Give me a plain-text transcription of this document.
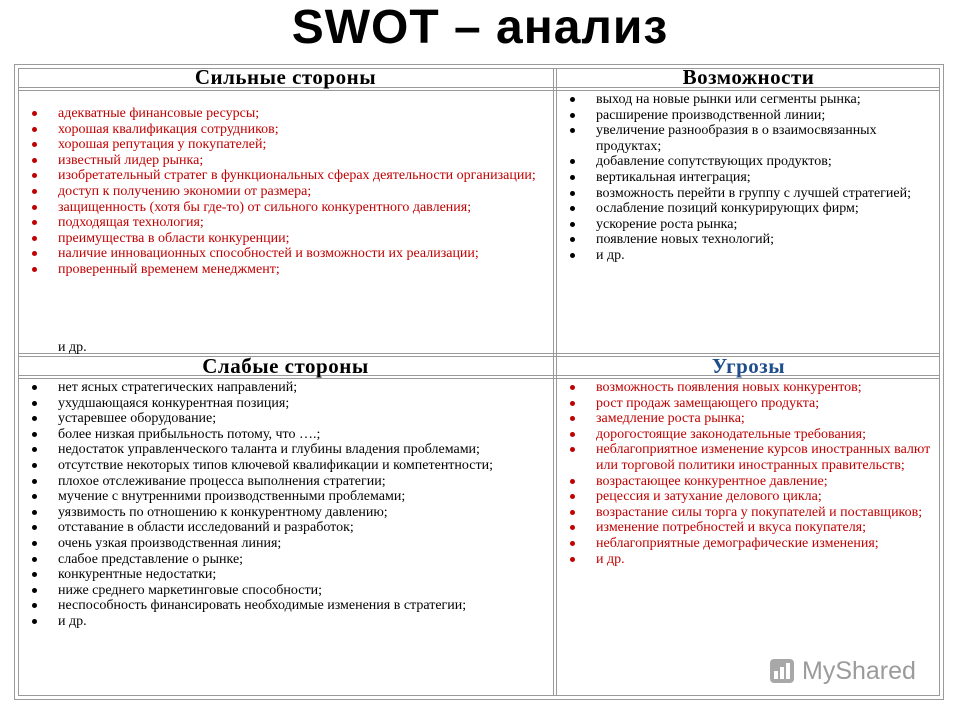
SWOT – анализ
Сильные стороны	Возможности
Слабые стороны	Угрозы
адекватные финансовые ресурсы;
хорошая квалификация сотрудников;
хорошая репутация у покупателей;
известный лидер рынка;
изобретательный стратег в функциональных сферах деятельности организации;
доступ к получению экономии от размера;
защищенность (хотя бы где-то) от сильного конкурентного давления;
подходящая технология;
преимущества в области конкуренции;
наличие инновационных способностей и возможности их реализации;
проверенный временем менеджмент;
и др.
выход на новые рынки или сегменты рынка;
расширение производственной линии;
увеличение разнообразия в о взаимосвязанных продуктах;
добавление сопутствующих продуктов;
вертикальная интеграция;
возможность перейти в группу с лучшей стратегией;
ослабление позиций конкурирующих фирм;
ускорение роста рынка;
появление новых технологий;
и др.
нет ясных стратегических направлений;
ухудшающаяся конкурентная позиция;
устаревшее оборудование;
более низкая прибыльность потому, что ….;
недостаток управленческого таланта и глубины владения проблемами;
отсутствие некоторых типов ключевой квалификации и компетентности;
плохое отслеживание процесса выполнения стратегии;
мучение с внутренними производственными проблемами;
уязвимость по отношению к конкурентному давлению;
отставание в области исследований и разработок;
очень узкая производственная линия;
слабое представление о рынке;
конкурентные недостатки;
ниже среднего маркетинговые способности;
неспособность финансировать необходимые изменения в стратегии;
и др.
возможность появления новых конкурентов;
рост продаж замещающего продукта;
замедление роста рынка;
дорогостоящие законодательные требования;
неблагоприятное изменение курсов иностранных валют или торговой политики иностранных правительств;
возрастающее конкурентное давление;
рецессия и затухание делового цикла;
возрастание силы торга у покупателей и поставщиков;
изменение потребностей и вкуса покупателя;
неблагоприятные демографические изменения;
и др.
MyShared
